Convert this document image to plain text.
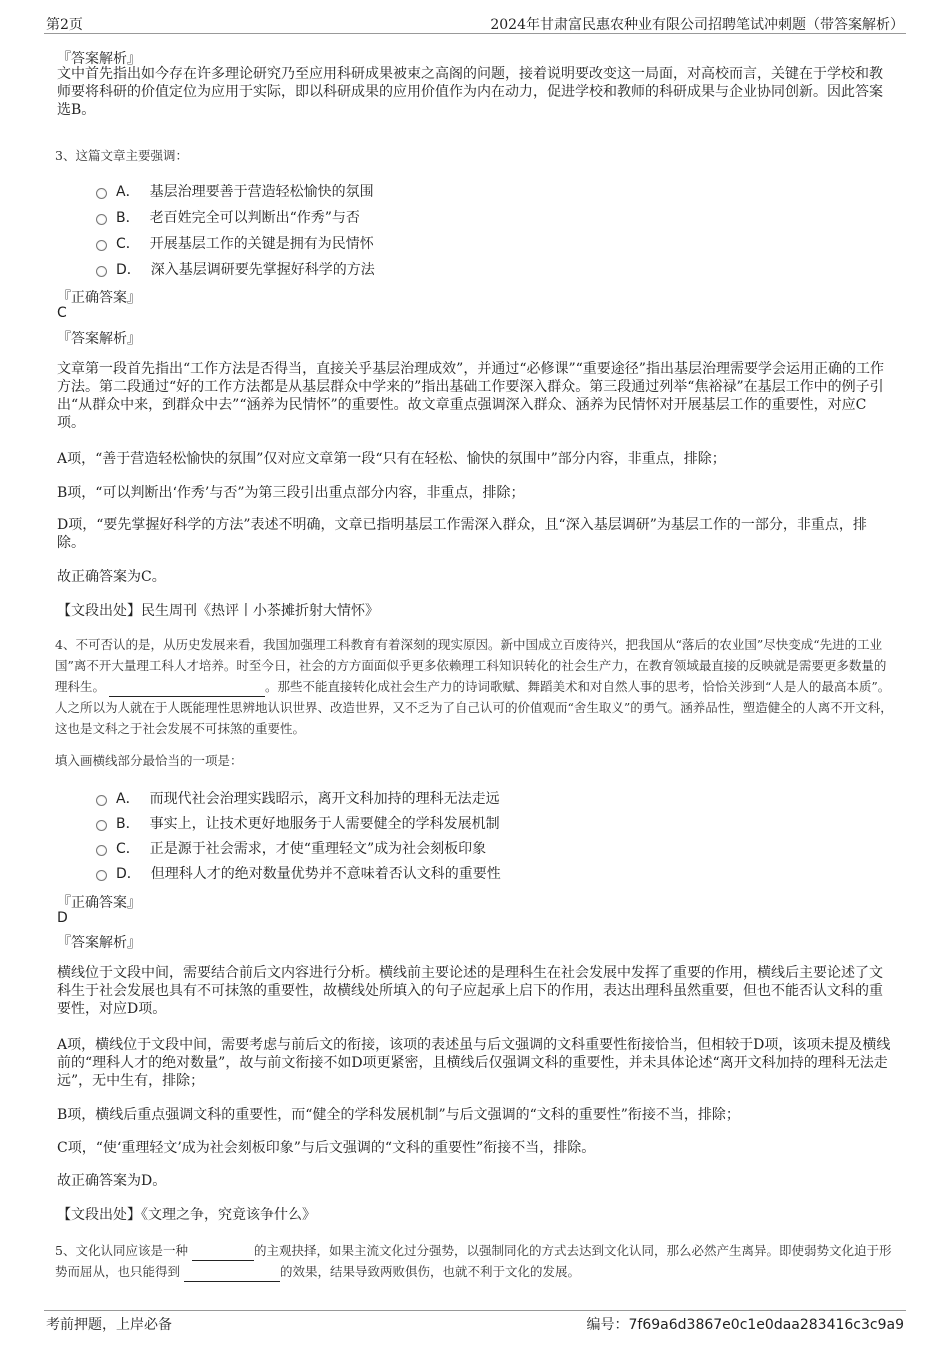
第2页	2024年甘肃富民惠农种业有限公司招聘笔试冲刺题（带答案解析）
『答案解析』
文中首先指出如今存在许多理论研究乃至应用科研成果被束之高阁的问题，接着说明要改变这一局面，对高校而言，关键在于学校和教师要将科研的价值定位为应用于实际，即以科研成果的应用价值作为内在动力，促进学校和教师的科研成果与企业协同创新。因此答案选B。
3、这篇文章主要强调：
A． 基层治理要善于营造轻松愉快的氛围
B． 老百姓完全可以判断出“作秀”与否
C． 开展基层工作的关键是拥有为民情怀
D． 深入基层调研要先掌握好科学的方法
『正确答案』
C
『答案解析』
文章第一段首先指出“工作方法是否得当，直接关乎基层治理成效”，并通过“必修课”“重要途径”指出基层治理需要学会运用正确的工作方法。第二段通过“好的工作方法都是从基层群众中学来的”指出基础工作要深入群众。第三段通过列举“焦裕禄”在基层工作中的例子引出“从群众中来，到群众中去”“涵养为民情怀”的重要性。故文章重点强调深入群众、涵养为民情怀对开展基层工作的重要性，对应C项。
A项，“善于营造轻松愉快的氛围”仅对应文章第一段“只有在轻松、愉快的氛围中”部分内容，非重点，排除；
B项，“可以判断出‘作秀’与否”为第三段引出重点部分内容，非重点，排除；
D项，“要先掌握好科学的方法”表述不明确，文章已指明基层工作需深入群众，且“深入基层调研”为基层工作的一部分，非重点，排除。
故正确答案为C。
【文段出处】民生周刊《热评丨小茶摊折射大情怀》
4、不可否认的是，从历史发展来看，我国加强理工科教育有着深刻的现实原因。新中国成立百废待兴，把我国从“落后的农业国”尽快变成“先进的工业国”离不开大量理工科人才培养。时至今日，社会的方方面面似乎更多依赖理工科知识转化的社会生产力，在教育领域最直接的反映就是需要更多数量的理科生。	。那些不能直接转化成社会生产力的诗词歌赋、舞蹈美术和对自然人事的思考，恰恰关涉到“人是人的最高本质”。人之所以为人就在于人既能理性思辨地认识世界、改造世界，又不乏为了自己认可的价值观而“舍生取义”的勇气。涵养品性，塑造健全的人离不开文科，这也是文科之于社会发展不可抹煞的重要性。
填入画横线部分最恰当的一项是：
A． 而现代社会治理实践昭示，离开文科加持的理科无法走远
B． 事实上，让技术更好地服务于人需要健全的学科发展机制
C． 正是源于社会需求，才使“重理轻文”成为社会刻板印象
D． 但理科人才的绝对数量优势并不意味着否认文科的重要性
『正确答案』
D
『答案解析』
横线位于文段中间，需要结合前后文内容进行分析。横线前主要论述的是理科生在社会发展中发挥了重要的作用，横线后主要论述了文科生于社会发展也具有不可抹煞的重要性，故横线处所填入的句子应起承上启下的作用，表达出理科虽然重要，但也不能否认文科的重要性，对应D项。
A项，横线位于文段中间，需要考虑与前后文的衔接，该项的表述虽与后文强调的文科重要性衔接恰当，但相较于D项，该项未提及横线前的“理科人才的绝对数量”，故与前文衔接不如D项更紧密，且横线后仅强调文科的重要性，并未具体论述“离开文科加持的理科无法走远”，无中生有，排除；
B项，横线后重点强调文科的重要性，而“健全的学科发展机制”与后文强调的“文科的重要性”衔接不当，排除；
C项，“使‘重理轻文’成为社会刻板印象”与后文强调的“文科的重要性”衔接不当，排除。
故正确答案为D。
【文段出处】《文理之争，究竟该争什么》
5、文化认同应该是一种	的主观抉择，如果主流文化过分强势，以强制同化的方式去达到文化认同，那么必然产生离异。即使弱势文化迫于形势而屈从，也只能得到	的效果，结果导致两败俱伤，也就不利于文化的发展。
考前押题，上岸必备	编号：7f69a6d3867e0c1e0daa283416c3c9a9
